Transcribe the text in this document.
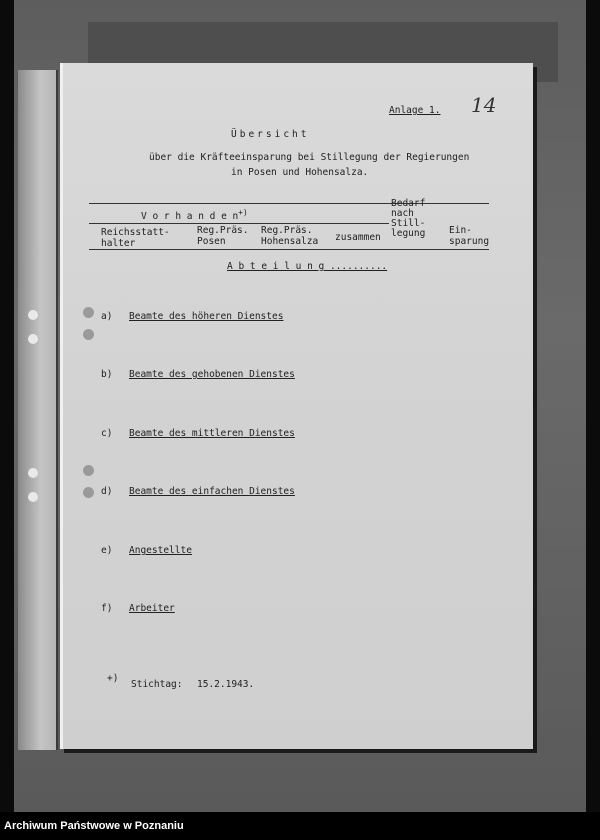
Anlage 1. 14
Übersicht
über die Kräfteeinsparung bei Stillegung der Regierungen
in Posen und Hohensalza.
V o r h a n d e n+)
Bedarf
nach
Still-
legung
Reichsstatt-
halter
Reg.Präs.
Posen
Reg.Präs.
Hohensalza zusammen
Ein-
sparung
A b t e i l u n g ..........
a) Beamte des höheren Dienstes
b) Beamte des gehobenen Dienstes
c) Beamte des mittleren Dienstes
d) Beamte des einfachen Dienstes
e) Angestellte
f) Arbeiter
+)
Stichtag: 15.2.1943.
Archiwum Państwowe w Poznaniu
